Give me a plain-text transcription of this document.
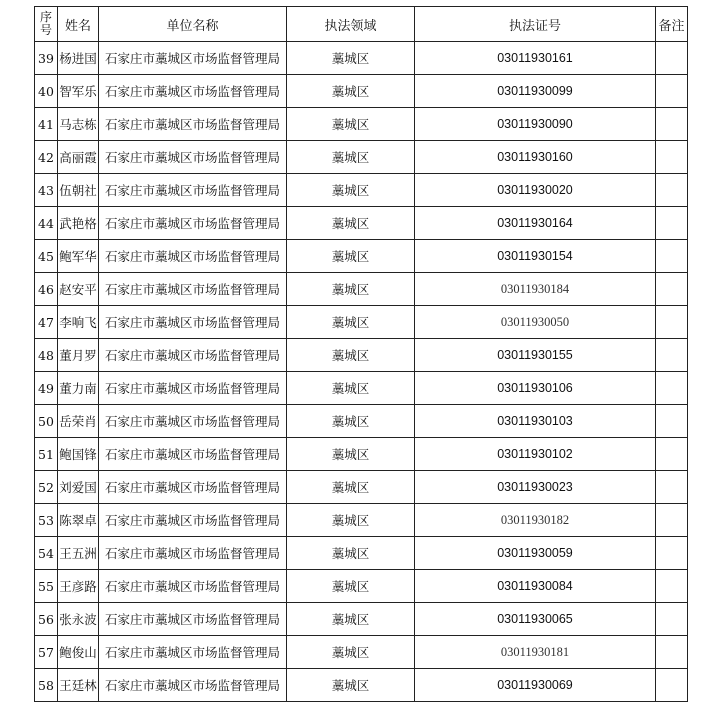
序号	姓名	单位名称	执法领域	执法证号	备注
39	杨进国	石家庄市藁城区市场监督管理局	藁城区	03011930161	
40	智军乐	石家庄市藁城区市场监督管理局	藁城区	03011930099	
41	马志栋	石家庄市藁城区市场监督管理局	藁城区	03011930090	
42	高丽霞	石家庄市藁城区市场监督管理局	藁城区	03011930160	
43	伍朝社	石家庄市藁城区市场监督管理局	藁城区	03011930020	
44	武艳格	石家庄市藁城区市场监督管理局	藁城区	03011930164	
45	鲍军华	石家庄市藁城区市场监督管理局	藁城区	03011930154	
46	赵安平	石家庄市藁城区市场监督管理局	藁城区	03011930184	
47	李响飞	石家庄市藁城区市场监督管理局	藁城区	03011930050	
48	董月罗	石家庄市藁城区市场监督管理局	藁城区	03011930155	
49	董力南	石家庄市藁城区市场监督管理局	藁城区	03011930106	
50	岳荣肖	石家庄市藁城区市场监督管理局	藁城区	03011930103	
51	鲍国锋	石家庄市藁城区市场监督管理局	藁城区	03011930102	
52	刘爱国	石家庄市藁城区市场监督管理局	藁城区	03011930023	
53	陈翠卓	石家庄市藁城区市场监督管理局	藁城区	03011930182	
54	王五洲	石家庄市藁城区市场监督管理局	藁城区	03011930059	
55	王彦路	石家庄市藁城区市场监督管理局	藁城区	03011930084	
56	张永波	石家庄市藁城区市场监督管理局	藁城区	03011930065	
57	鲍俊山	石家庄市藁城区市场监督管理局	藁城区	03011930181	
58	王廷林	石家庄市藁城区市场监督管理局	藁城区	03011930069	
